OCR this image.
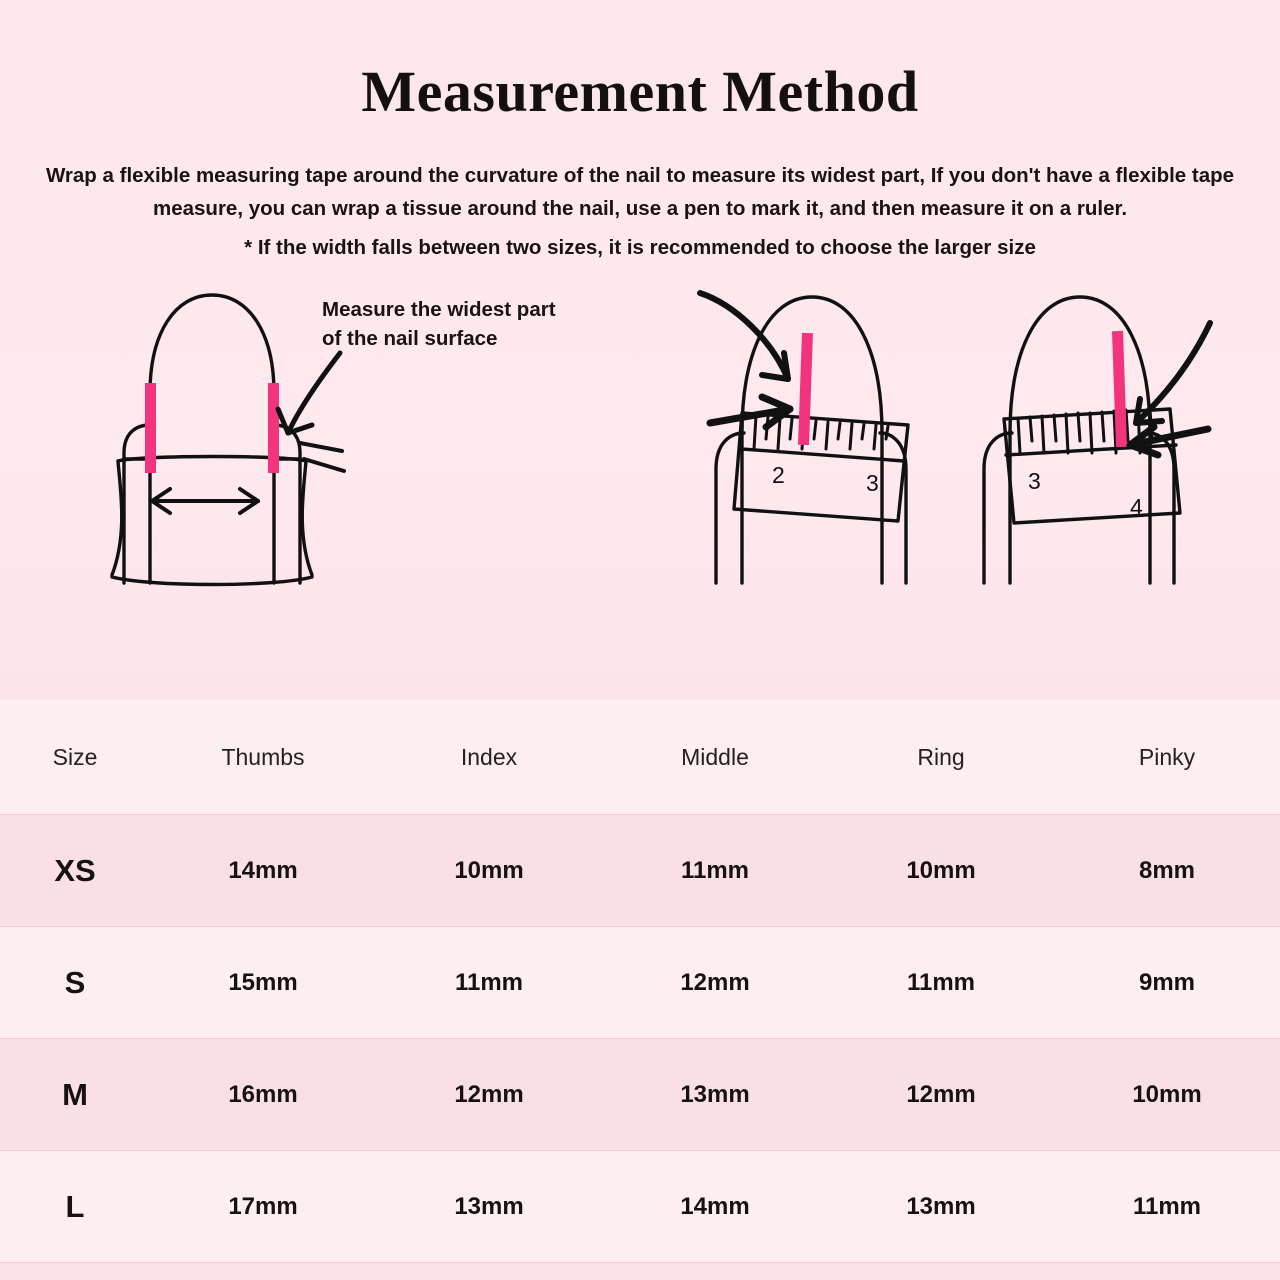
Measurement Method
Wrap a flexible measuring tape around the curvature of the nail to measure its widest part, If you don't have a flexible tape measure, you can wrap a tissue around the nail, use a pen to mark it, and then measure it on a ruler.
* If the width falls between two sizes, it is recommended to choose the larger size
Measure the widest part
of the nail surface
2	3	3
4
Size	Thumbs	Index	Middle	Ring	Pinky
XS	14mm	10mm	11mm	10mm	8mm
S	15mm	11mm	12mm	11mm	9mm
M	16mm	12mm	13mm	12mm	10mm
L	17mm	13mm	14mm	13mm	11mm
